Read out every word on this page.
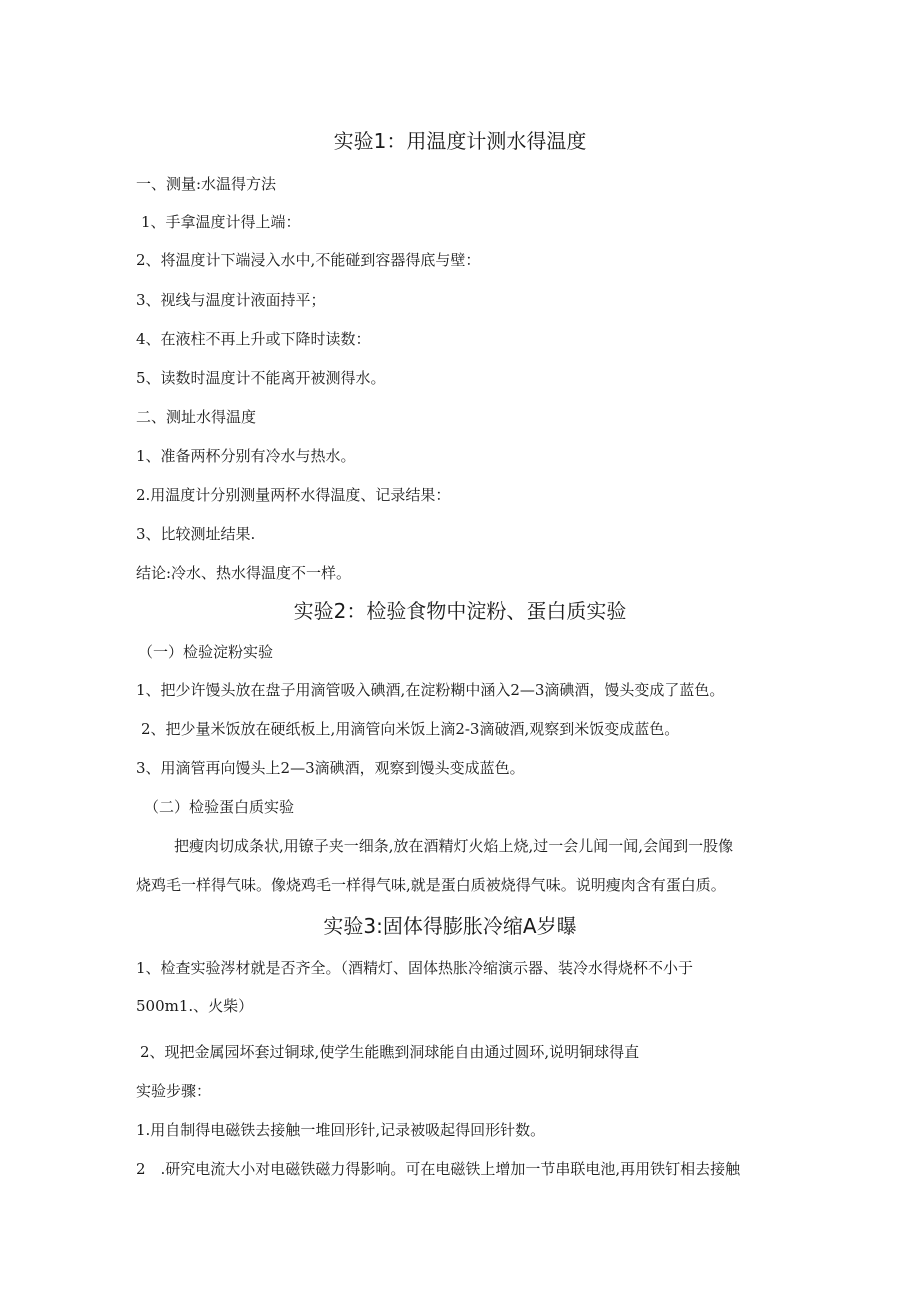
实验1：用温度计测水得温度
一、测量:水温得方法
1、手拿温度计得上端：
2、将温度计下端浸入水中,不能碰到容器得底与壁：
3、视线与温度计液面持平；
4、在液柱不再上升或下降时读数：
5、读数时温度计不能离开被测得水。
二、测址水得温度
1、准备两杯分别有冷水与热水。
2.用温度计分别测量两杯水得温度、记录结果：
3、比较测址结果.
结论:冷水、热水得温度不一样。
实验2：检验食物中淀粉、蛋白质实验
（一）检验淀粉实验
1、把少许馒头放在盘子用滴管吸入碘酒,在淀粉糊中涵入2—3滴碘酒，馒头变成了蓝色。
2、把少量米饭放在硬纸板上,用滴管向米饭上滴2-3滴破酒,观察到米饭变成蓝色。
3、用滴管再向馒头上2—3滴碘酒，观察到馒头变成蓝色。
（二）检验蛋白质实验
把瘦肉切成条状,用镣子夹一细条,放在酒精灯火焰上烧,过一会儿闻一闻,会闻到一股像
烧鸡毛一样得气味。像烧鸡毛一样得气味,就是蛋白质被烧得气味。说明瘦肉含有蛋白质。
实验3:固体得膨胀冷缩A岁曝
1、检查实验涔材就是否齐全。（酒精灯、固体热胀冷缩演示器、装冷水得烧杯不小于
500m1.、火柴）
2、现把金属园坏套过铜球,使学生能瞧到洞球能自由通过圆环,说明铜球得直
实验步骤：
1.用自制得电磁铁去接触一堆回形针,记录被吸起得回形针数。
2　.研究电流大小对电磁铁磁力得影响。可在电磁铁上增加一节串联电池,再用铁钉相去接触
